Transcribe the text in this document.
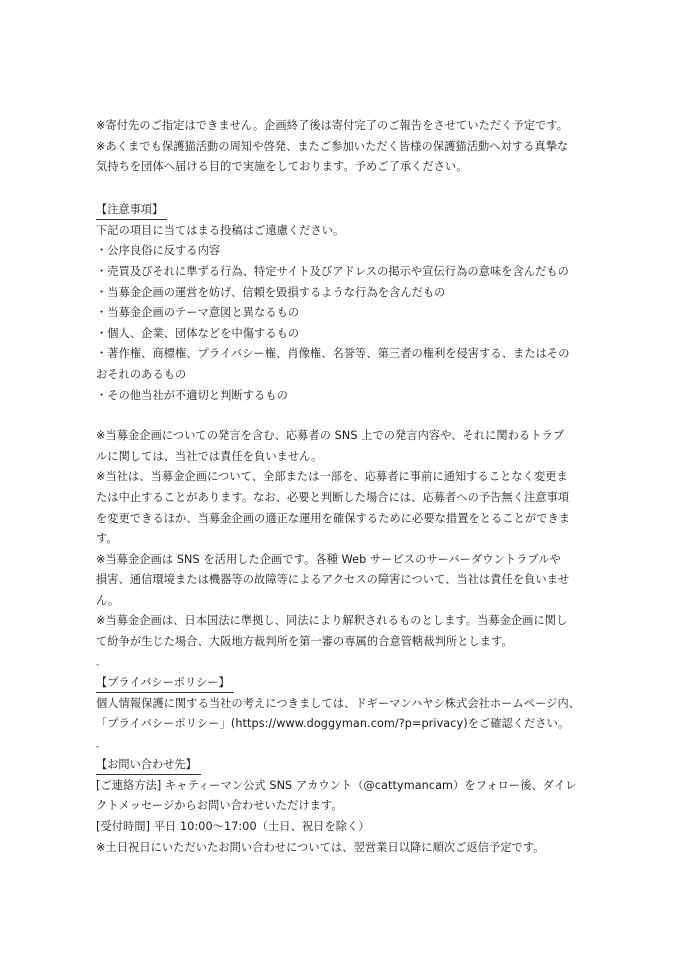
※寄付先のご指定はできません。企画終了後は寄付完了のご報告をさせていただく予定です。
※あくまでも保護猫活動の周知や啓発、またご参加いただく皆様の保護猫活動へ対する真摯な
気持ちを団体へ届ける目的で実施をしております。予めご了承ください。
【注意事項】
下記の項目に当てはまる投稿はご遠慮ください。
・公序良俗に反する内容
・売買及びそれに準ずる行為、特定サイト及びアドレスの掲示や宣伝行為の意味を含んだもの
・当募金企画の運営を妨げ、信頼を毀損するような行為を含んだもの
・当募金企画のテーマ意図と異なるもの
・個人、企業、団体などを中傷するもの
・著作権、商標権、プライバシー権、肖像権、名誉等、第三者の権利を侵害する、またはその
おそれのあるもの
・その他当社が不適切と判断するもの
※当募金企画についての発言を含む、応募者の SNS 上での発言内容や、それに関わるトラブ
ルに関しては、当社では責任を負いません。
※当社は、当募金企画について、全部または一部を、応募者に事前に通知することなく変更ま
たは中止することがあります。なお、必要と判断した場合には、応募者への予告無く注意事項
を変更できるほか、当募金企画の適正な運用を確保するために必要な措置をとることができま
す。
※当募金企画は SNS を活用した企画です。各種 Web サービスのサーバーダウントラブルや
損害、通信環境または機器等の故障等によるアクセスの障害について、当社は責任を負いませ
ん。
※当募金企画は、日本国法に準拠し、同法により解釈されるものとします。当募金企画に関し
て紛争が生じた場合、大阪地方裁判所を第一審の専属的合意管轄裁判所とします。
-
【プライバシーポリシー】
個人情報保護に関する当社の考えにつきましては、ドギーマンハヤシ株式会社ホームページ内、
「プライバシーポリシー」(https://www.doggyman.com/?p=privacy)をご確認ください。
-
【お問い合わせ先】
[ご連絡方法] キャティーマン公式 SNS アカウント（@cattymancam）をフォロー後、ダイレ
クトメッセージからお問い合わせいただけます。
[受付時間] 平日 10:00〜17:00（土日、祝日を除く）
※土日祝日にいただいたお問い合わせについては、翌営業日以降に順次ご返信予定です。
